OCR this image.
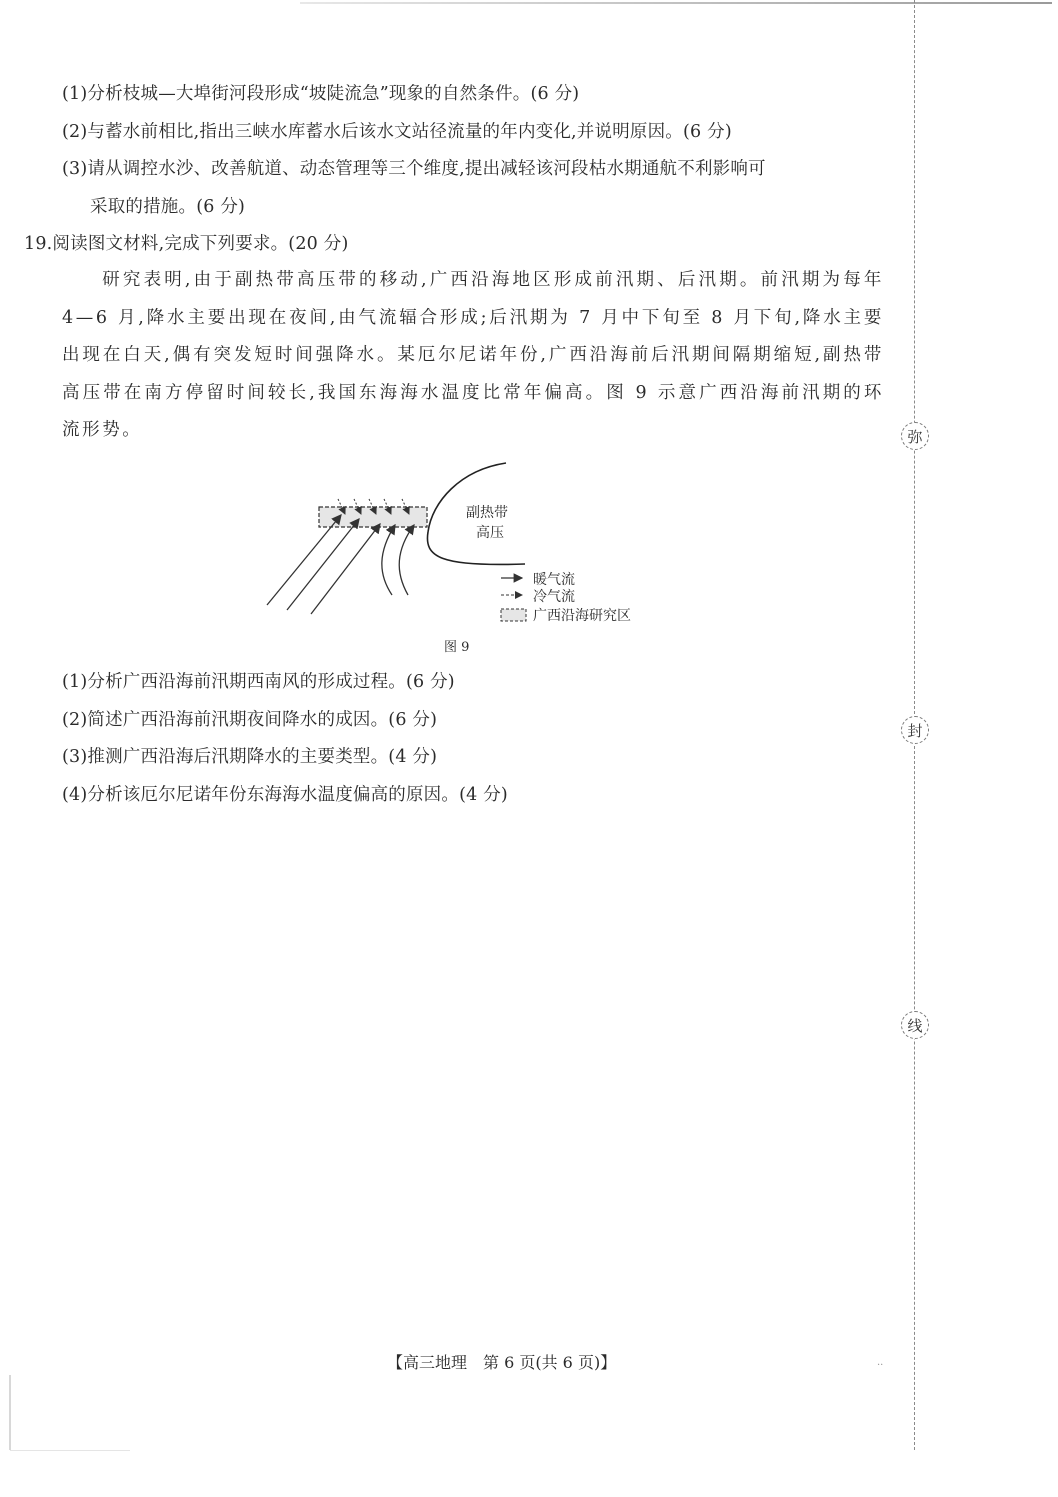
弥
封
线
(1)分析枝城—大埠街河段形成“坡陡流急”现象的自然条件。(6 分)
(2)与蓄水前相比,指出三峡水库蓄水后该水文站径流量的年内变化,并说明原因。(6 分)
(3)请从调控水沙、改善航道、动态管理等三个维度,提出减轻该河段枯水期通航不利影响可
采取的措施。(6 分)
19.阅读图文材料,完成下列要求。(20 分)
研究表明,由于副热带高压带的移动,广西沿海地区形成前汛期、后汛期。前汛期为每年 4—6 月,降水主要出现在夜间,由气流辐合形成;后汛期为 7 月中下旬至 8 月下旬,降水主要出现在白天,偶有突发短时间强降水。某厄尔尼诺年份,广西沿海前后汛期间隔期缩短,副热带高压带在南方停留时间较长,我国东海海水温度比常年偏高。图 9 示意广西沿海前汛期的环流形势。
副热带
高压
暖气流
冷气流
广西沿海研究区
图 9
(1)分析广西沿海前汛期西南风的形成过程。(6 分)
(2)简述广西沿海前汛期夜间降水的成因。(6 分)
(3)推测广西沿海后汛期降水的主要类型。(4 分)
(4)分析该厄尔尼诺年份东海海水温度偏高的原因。(4 分)
【高三地理　第 6 页(共 6 页)】	··
